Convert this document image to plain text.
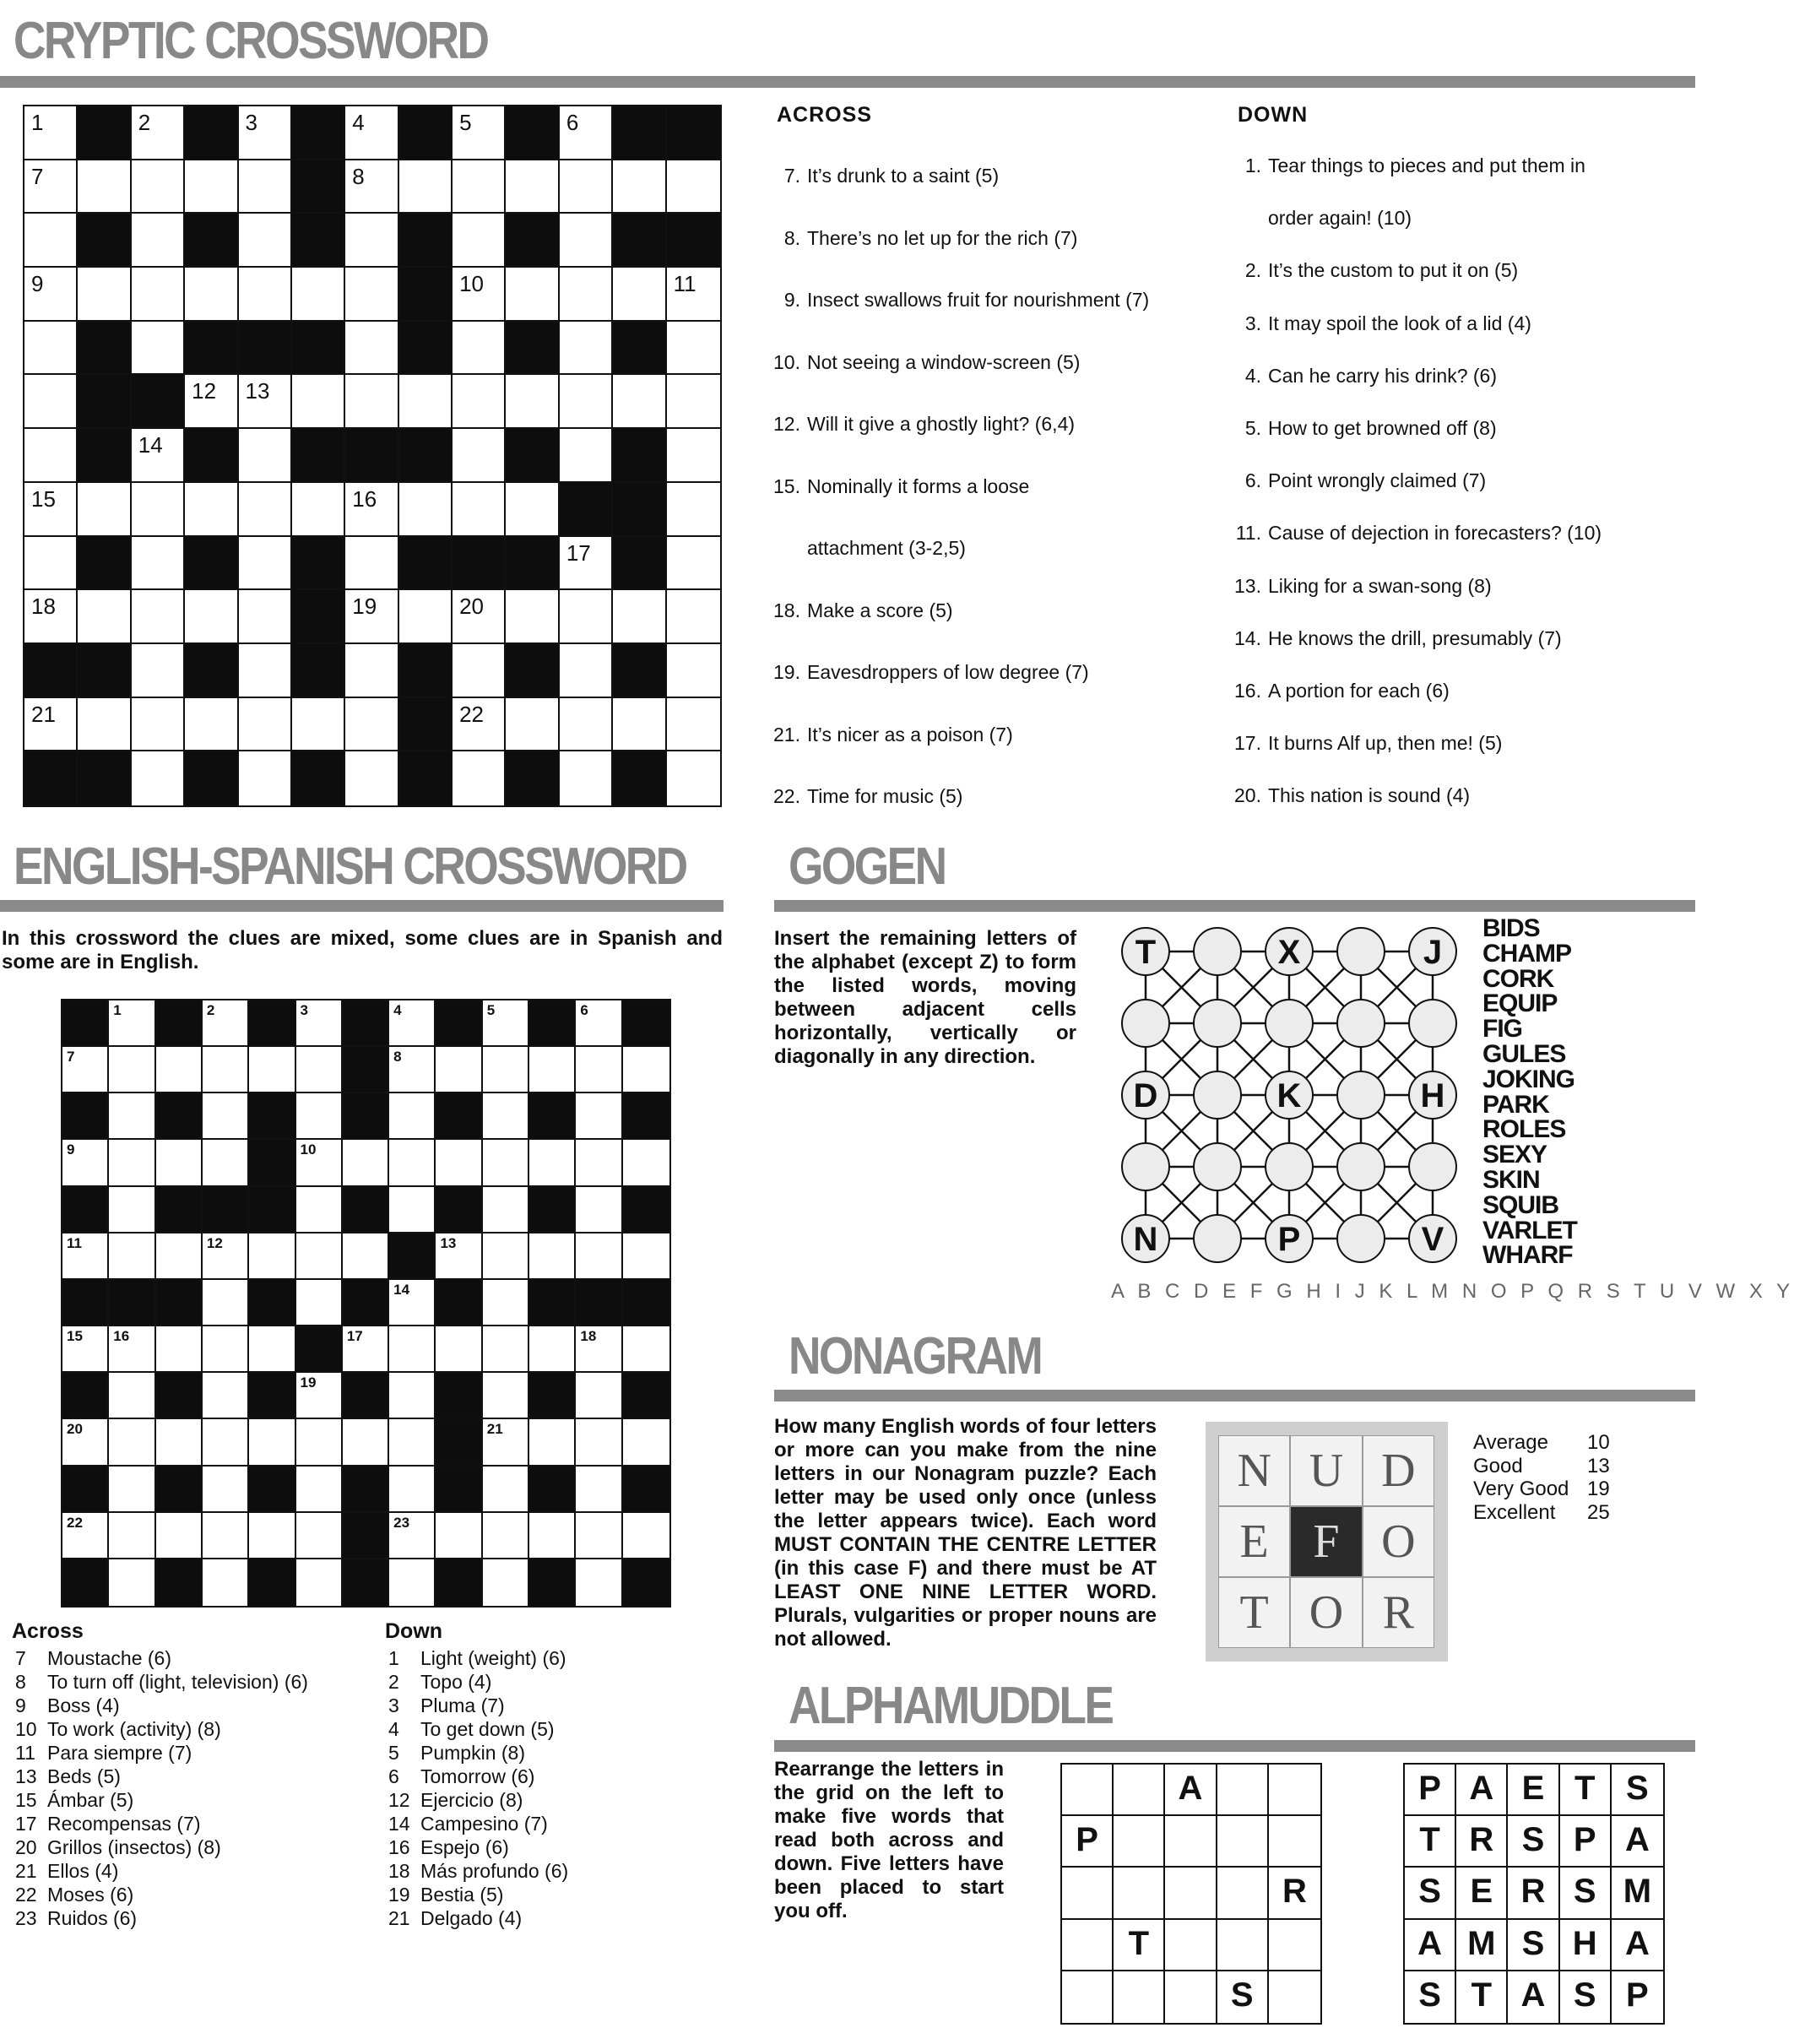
CRYPTIC CROSSWORD
1	2	3	4	5	6
7	8
9	10	11
12 13
14
15	16
17
18	19	20
21	22
ACROSS
7. It’s drunk to a saint (5)
8. There’s no let up for the rich (7)
9. Insect swallows fruit for nourishment (7)
10. Not seeing a window-screen (5)
12. Will it give a ghostly light? (6,4)
15. Nominally it forms a loose
attachment (3-2,5)
18. Make a score (5)
19. Eavesdroppers of low degree (7)
21. It’s nicer as a poison (7)
22. Time for music (5)
DOWN
1. Tear things to pieces and put them in
order again! (10)
2. It’s the custom to put it on (5)
3. It may spoil the look of a lid (4)
4. Can he carry his drink? (6)
5. How to get browned off (8)
6. Point wrongly claimed (7)
11. Cause of dejection in forecasters? (10)
13. Liking for a swan-song (8)
14. He knows the drill, presumably (7)
16. A portion for each (6)
17. It burns Alf up, then me! (5)
20. This nation is sound (4)
ENGLISH-SPANISH CROSSWORD
In this crossword the clues are mixed, some clues are in Spanish and some are in English.
1	2	3	4	5	6
7	8
9	10
11	12	13
14
15 16	17	18
19
20	21
22	23
Across
7 Moustache (6)
8 To turn off (light, television) (6)
9 Boss (4)
10 To work (activity) (8)
11 Para siempre (7)
13 Beds (5)
15 Ámbar (5)
17 Recompensas (7)
20 Grillos (insectos) (8)
21 Ellos (4)
22 Moses (6)
23 Ruidos (6)
Down
1 Light (weight) (6)
2 Topo (4)
3 Pluma (7)
4 To get down (5)
5 Pumpkin (8)
6 Tomorrow (6)
12 Ejercicio (8)
14 Campesino (7)
16 Espejo (6)
18 Más profundo (6)
19 Bestia (5)
21 Delgado (4)
GOGEN
Insert the remaining letters of the alphabet (except Z) to form the listed words, moving between adjacent cells horizontally, vertically or diagonally in any direction.
T	X	J
D	K	H
N	P	V
BIDS
CHAMP
CORK
EQUIP
FIG
GULES
JOKING
PARK
ROLES
SEXY
SKIN
SQUIB
VARLET
WHARF
A B C D E F G H I J K L M N O P Q R S T U V W X Y
NONAGRAM
How many English words of four letters or more can you make from the nine letters in our Nonagram puzzle? Each letter may be used only once (unless the letter appears twice). Each word MUST CONTAIN THE CENTRE LETTER (in this case F) and there must be AT LEAST ONE NINE LETTER WORD. Plurals, vulgarities or proper nouns are not allowed.
N U D
E F O
T O R
Average 10
Good	13
Very Good 19
Excellent 25
ALPHAMUDDLE
Rearrange the letters in the grid on the left to make five words that read both across and down. Five letters have been placed to start you off.
A
P
R
T
S
P A E T S
T R S P A
S E R S M
A M S H A
S T A S P
